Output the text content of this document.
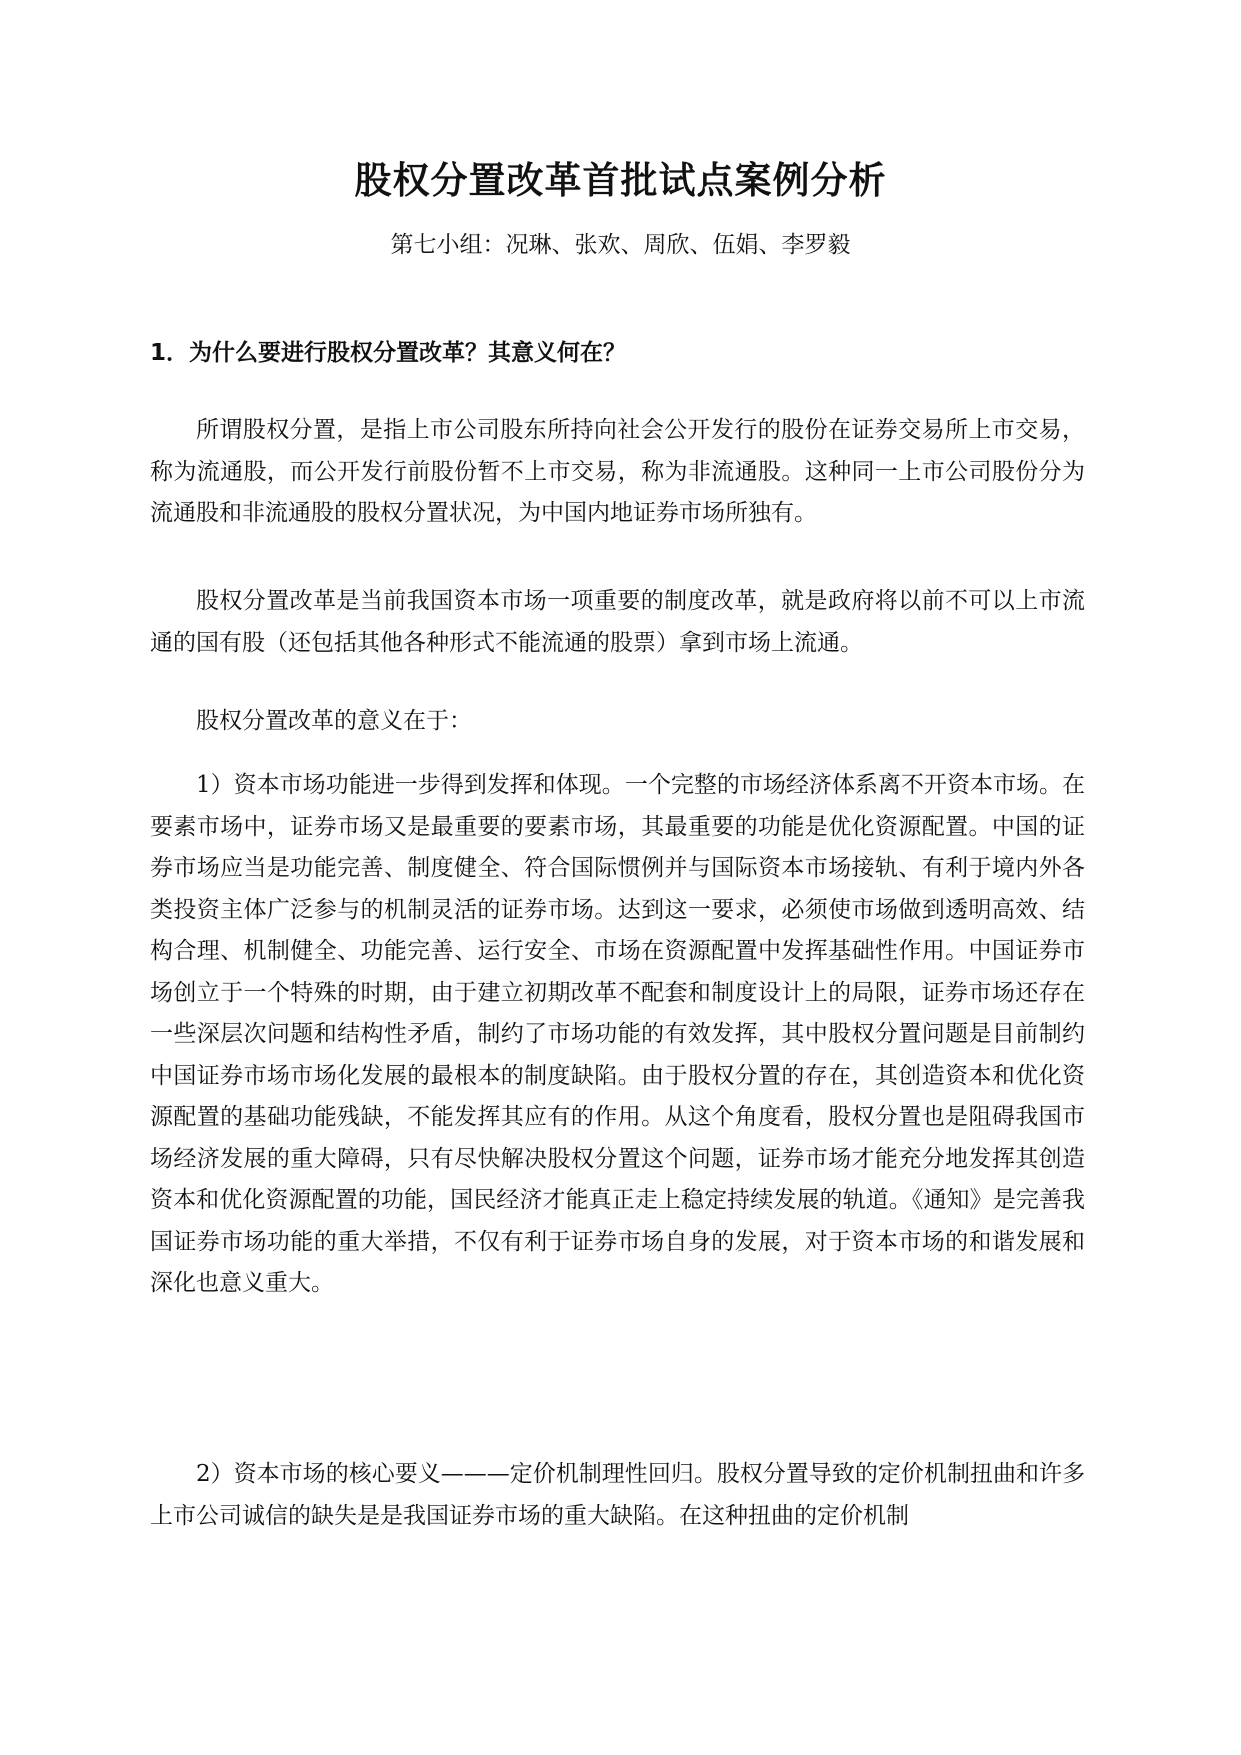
股权分置改革首批试点案例分析
第七小组：况琳、张欢、周欣、伍娟、李罗毅
1．为什么要进行股权分置改革？其意义何在？

所谓股权分置，是指上市公司股东所持向社会公开发行的股份在证券交易所上市交易，称为流通股，而公开发行前股份暂不上市交易，称为非流通股。这种同一上市公司股份分为流通股和非流通股的股权分置状况，为中国内地证券市场所独有。

股权分置改革是当前我国资本市场一项重要的制度改革，就是政府将以前不可以上市流通的国有股（还包括其他各种形式不能流通的股票）拿到市场上流通。

股权分置改革的意义在于：

1）资本市场功能进一步得到发挥和体现。一个完整的市场经济体系离不开资本市场。在要素市场中，证券市场又是最重要的要素市场，其最重要的功能是优化资源配置。中国的证券市场应当是功能完善、制度健全、符合国际惯例并与国际资本市场接轨、有利于境内外各类投资主体广泛参与的机制灵活的证券市场。达到这一要求，必须使市场做到透明高效、结构合理、机制健全、功能完善、运行安全、市场在资源配置中发挥基础性作用。中国证券市场创立于一个特殊的时期，由于建立初期改革不配套和制度设计上的局限，证券市场还存在一些深层次问题和结构性矛盾，制约了市场功能的有效发挥，其中股权分置问题是目前制约中国证券市场市场化发展的最根本的制度缺陷。由于股权分置的存在，其创造资本和优化资源配置的基础功能残缺，不能发挥其应有的作用。从这个角度看，股权分置也是阻碍我国市场经济发展的重大障碍，只有尽快解决股权分置这个问题，证券市场才能充分地发挥其创造资本和优化资源配置的功能，国民经济才能真正走上稳定持续发展的轨道。《通知》是完善我国证券市场功能的重大举措，不仅有利于证券市场自身的发展，对于资本市场的和谐发展和深化也意义重大。

2）资本市场的核心要义———定价机制理性回归。股权分置导致的定价机制扭曲和许多上市公司诚信的缺失是是我国证券市场的重大缺陷。在这种扭曲的定价机制
